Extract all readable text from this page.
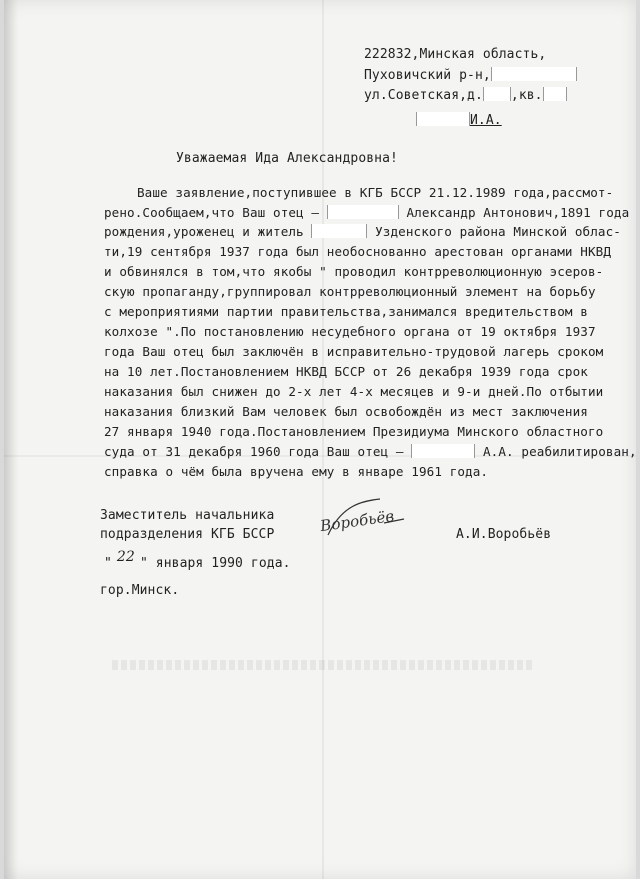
222832,Минская область,
Пуховичский р-н,
ул.Советская,д. ,кв.
И.А.
Уважаемая Ида Александровна!
Ваше заявление,поступившее в КГБ БССР 21.12.1989 года,рассмот-
рено.Сообщаем,что Ваш отец –	Александр Антонович,1891 года
рождения,уроженец и житель	Узденского района Минской облас-
ти,19 сентября 1937 года был необоснованно арестован органами НКВД
и обвинялся в том,что якобы " проводил контрреволюционную эсеров-
скую пропаганду,группировал контрреволюционный элемент на борьбу
с мероприятиями партии правительства,занимался вредительством в
колхозе ".По постановлению несудебного органа от 19 октября 1937
года Ваш отец был заключён в исправительно-трудовой лагерь сроком
на 10 лет.Постановлением НКВД БССР от 26 декабря 1939 года срок
наказания был снижен до 2-х лет 4-х месяцев и 9-и дней.По отбытии
наказания близкий Вам человек был освобождён из мест заключения
27 января 1940 года.Постановлением Президиума Минского областного
суда от 31 декабря 1960 года Ваш отец –	А.А. реабилитирован,
справка о чём была вручена ему в январе 1961 года.
Заместитель начальника
подразделения КГБ БССР	Воробьёв	А.И.Воробьёв
" 22 " января 1990 года.
гор.Минск.
